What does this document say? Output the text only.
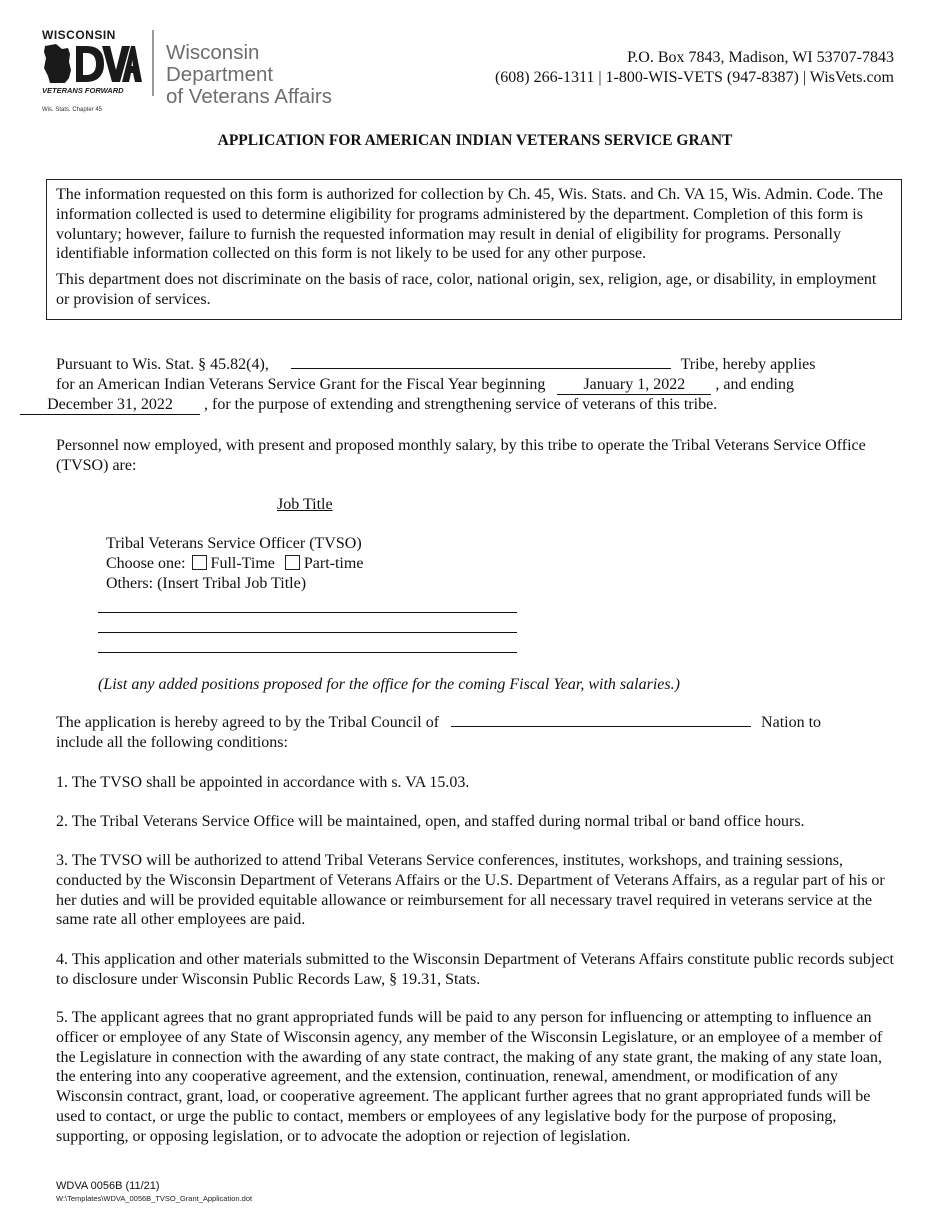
WISCONSIN
VETERANS FORWARD
Wis. Stats. Chapter 45
Wisconsin Department
of Veterans Affairs
P.O. Box 7843, Madison, WI 53707-7843
(608) 266-1311 | 1-800-WIS-VETS (947-8387) | WisVets.com
APPLICATION FOR AMERICAN INDIAN VETERANS SERVICE GRANT

The information requested on this form is authorized for collection by Ch. 45, Wis. Stats. and Ch. VA 15, Wis. Admin. Code. The information collected is used to determine eligibility for programs administered by the department. Completion of this form is voluntary; however, failure to furnish the requested information may result in denial of eligibility for programs. Personally identifiable information collected on this form is not likely to be used for any other purpose.

This department does not discriminate on the basis of race, color, national origin, sex, religion, age, or disability, in employment or provision of services.

Pursuant to Wis. Stat. § 45.82(4),	Tribe, hereby applies

for an American Indian Veterans Service Grant for the Fiscal Year beginning January 1, 2022 , and ending

December 31, 2022 , for the purpose of extending and strengthening service of veterans of this tribe.

Personnel now employed, with present and proposed monthly salary, by this tribe to operate the Tribal Veterans Service Office (TVSO) are:
Job Title

Tribal Veterans Service Officer (TVSO)

Choose one: Full-Time Part-time

Others: (Insert Tribal Job Title)

(List any added positions proposed for the office for the coming Fiscal Year, with salaries.)

The application is hereby agreed to by the Tribal Council of	Nation to

include all the following conditions:

1. The TVSO shall be appointed in accordance with s. VA 15.03.
2. The Tribal Veterans Service Office will be maintained, open, and staffed during normal tribal or band office hours.
3. The TVSO will be authorized to attend Tribal Veterans Service conferences, institutes, workshops, and training sessions, conducted by the Wisconsin Department of Veterans Affairs or the U.S. Department of Veterans Affairs, as a regular part of his or her duties and will be provided equitable allowance or reimbursement for all necessary travel required in veterans service at the same rate all other employees are paid.
4. This application and other materials submitted to the Wisconsin Department of Veterans Affairs constitute public records subject to disclosure under Wisconsin Public Records Law, § 19.31, Stats.
5. The applicant agrees that no grant appropriated funds will be paid to any person for influencing or attempting to influence an officer or employee of any State of Wisconsin agency, any member of the Wisconsin Legislature, or an employee of a member of the Legislature in connection with the awarding of any state contract, the making of any state grant, the making of any state loan, the entering into any cooperative agreement, and the extension, continuation, renewal, amendment, or modification of any Wisconsin contract, grant, load, or cooperative agreement. The applicant further agrees that no grant appropriated funds will be used to contact, or urge the public to contact, members or employees of any legislative body for the purpose of proposing, supporting, or opposing legislation, or to advocate the adoption or rejection of legislation.
WDVA 0056B (11/21)
W:\Templates\WDVA_0056B_TVSO_Grant_Application.dot
